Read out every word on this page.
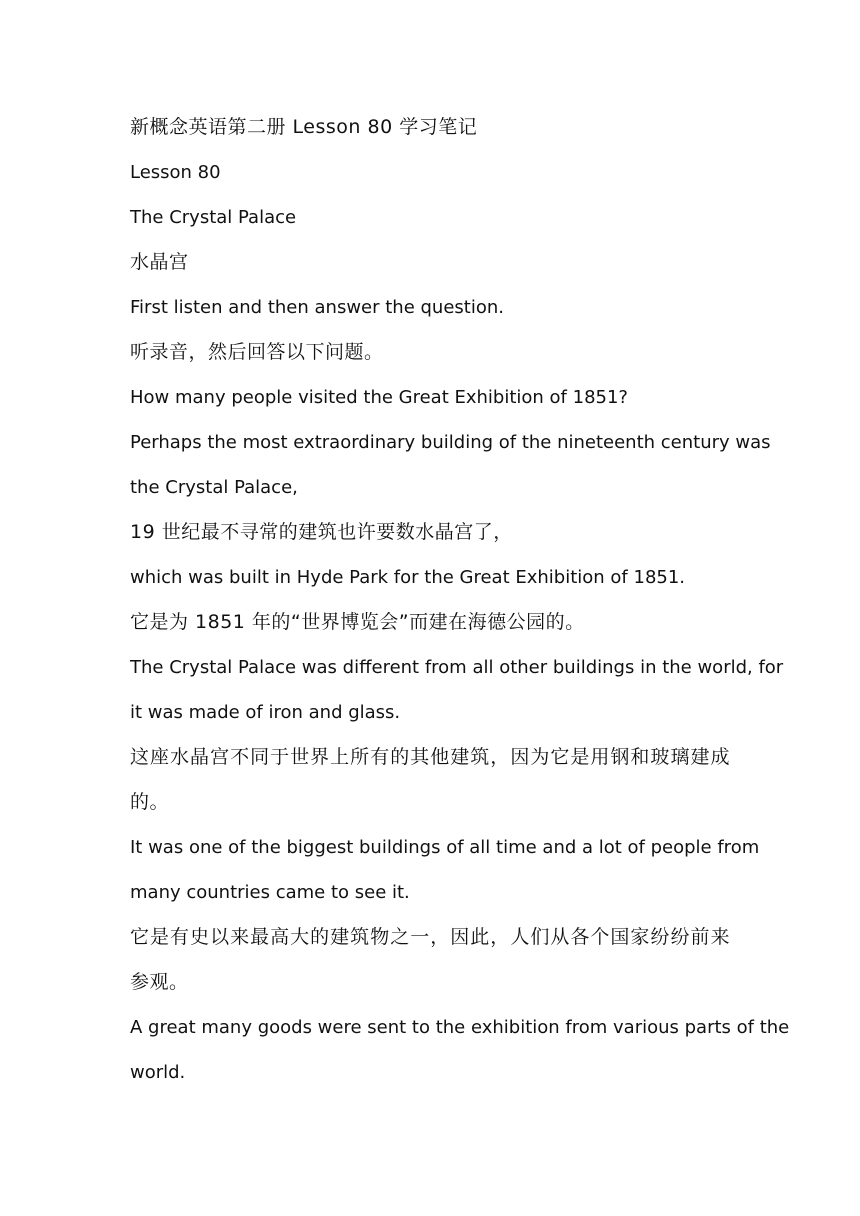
新概念英语第二册 Lesson 80 学习笔记
Lesson 80
The Crystal Palace
水晶宫
First listen and then answer the question.
听录音，然后回答以下问题。
How many people visited the Great Exhibition of 1851?
Perhaps the most extraordinary building of the nineteenth century was
the Crystal Palace,
19 世纪最不寻常的建筑也许要数水晶宫了，
which was built in Hyde Park for the Great Exhibition of 1851.
它是为 1851 年的“世界博览会”而建在海德公园的。
The Crystal Palace was different from all other buildings in the world, for
it was made of iron and glass.
这座水晶宫不同于世界上所有的其他建筑，因为它是用钢和玻璃建成
的。
It was one of the biggest buildings of all time and a lot of people from
many countries came to see it.
它是有史以来最高大的建筑物之一，因此，人们从各个国家纷纷前来
参观。
A great many goods were sent to the exhibition from various parts of the
world.
